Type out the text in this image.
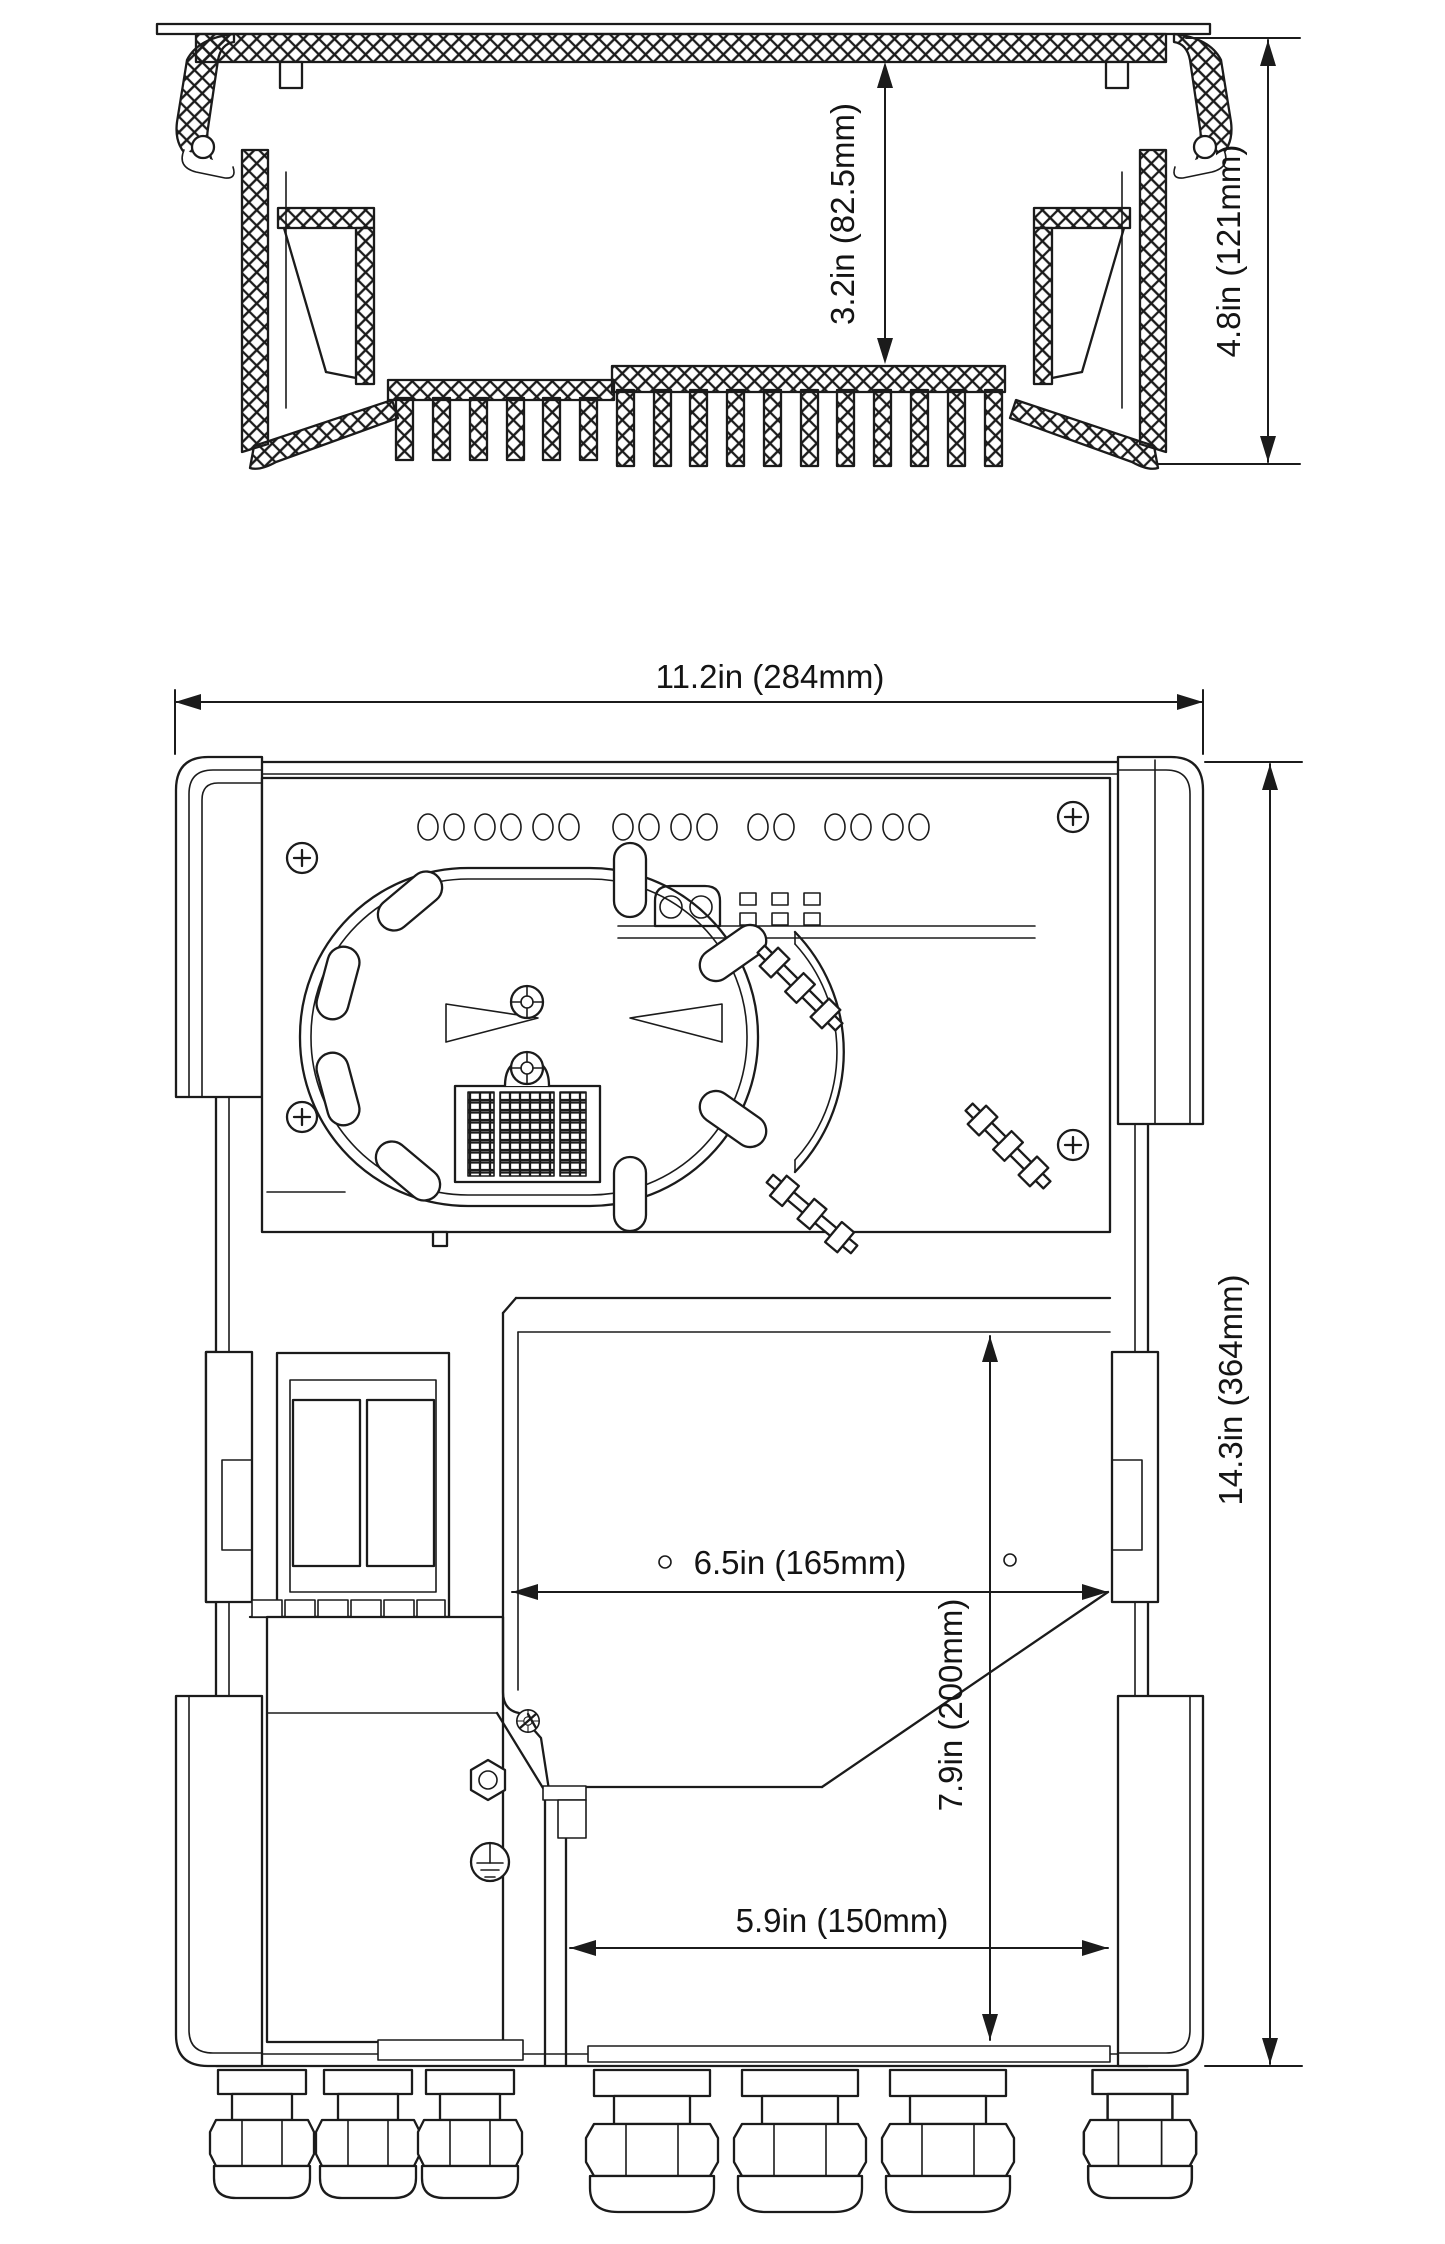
3.2in (82.5mm)	4.8in (121mm)
11.2in (284mm)
6.5in (165mm)
7.9in (200mm)
5.9in (150mm)
14.3in (364mm)
